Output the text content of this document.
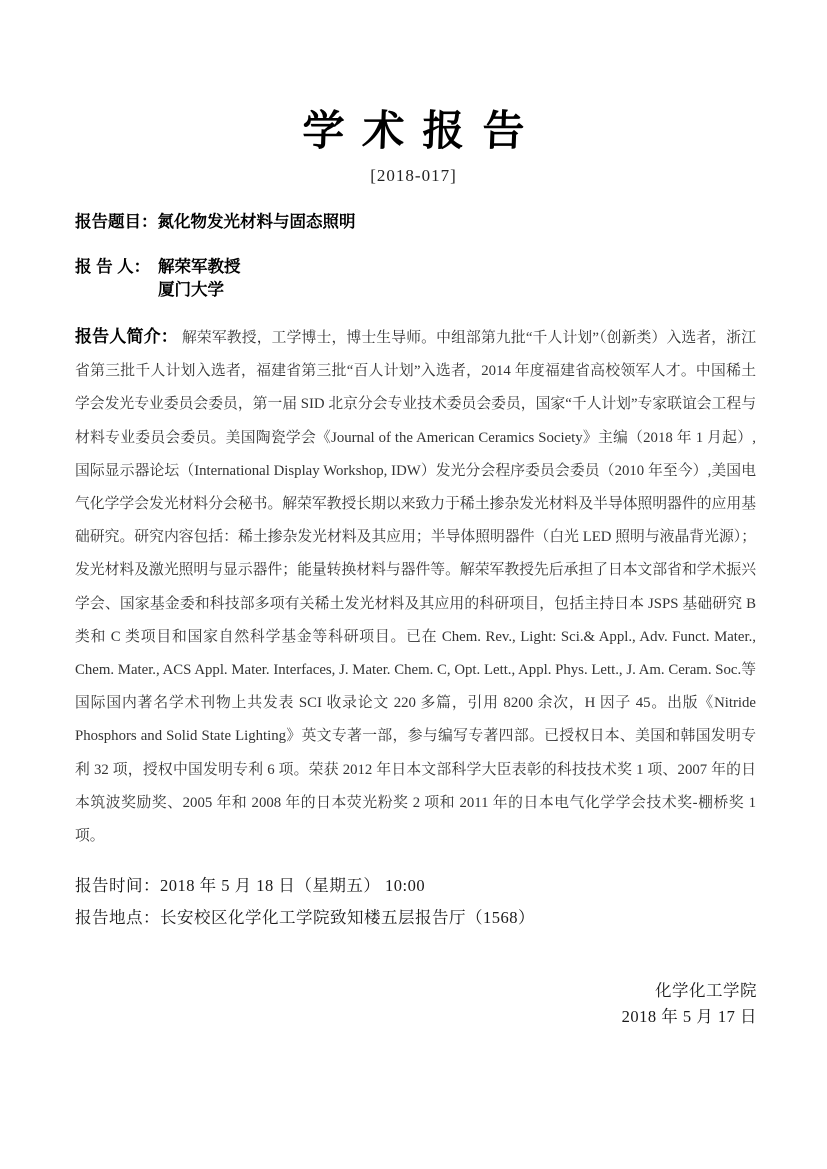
学术报告
[2018-017]
报告题目：氮化物发光材料与固态照明
报 告 人： 解荣军教授
厦门大学

报告人简介： 解荣军教授，工学博士，博士生导师。中组部第九批“千人计划”（创新类）入选者，浙江省第三批千人计划入选者，福建省第三批“百人计划”入选者，2014 年度福建省高校领军人才。中国稀土学会发光专业委员会委员，第一届 SID 北京分会专业技术委员会委员，国家“千人计划”专家联谊会工程与材料专业委员会委员。美国陶瓷学会《Journal of the American Ceramics Society》主编（2018 年 1 月起）, 国际显示器论坛（International Display Workshop, IDW）发光分会程序委员会委员（2010 年至今）,美国电气化学学会发光材料分会秘书。解荣军教授长期以来致力于稀土掺杂发光材料及半导体照明器件的应用基础研究。研究内容包括：稀土掺杂发光材料及其应用；半导体照明器件（白光 LED 照明与液晶背光源）；发光材料及激光照明与显示器件；能量转换材料与器件等。解荣军教授先后承担了日本文部省和学术振兴学会、国家基金委和科技部多项有关稀土发光材料及其应用的科研项目，包括主持日本 JSPS 基础研究 B 类和 C 类项目和国家自然科学基金等科研项目。已在 Chem. Rev., Light: Sci.& Appl., Adv. Funct. Mater., Chem. Mater., ACS Appl. Mater. Interfaces, J. Mater. Chem. C, Opt. Lett., Appl. Phys. Lett., J. Am. Ceram. Soc.等国际国内著名学术刊物上共发表 SCI 收录论文 220 多篇，引用 8200 余次，H 因子 45。出版《Nitride Phosphors and Solid State Lighting》英文专著一部，参与编写专著四部。已授权日本、美国和韩国发明专利 32 项，授权中国发明专利 6 项。荣获 2012 年日本文部科学大臣表彰的科技技术奖 1 项、2007 年的日本筑波奖励奖、2005 年和 2008 年的日本荧光粉奖 2 项和 2011 年的日本电气化学学会技术奖-棚桥奖 1 项。

报告时间：2018 年 5 月 18 日（星期五） 10:00
报告地点：长安校区化学化工学院致知楼五层报告厅（1568）
化学化工学院
2018 年 5 月 17 日
